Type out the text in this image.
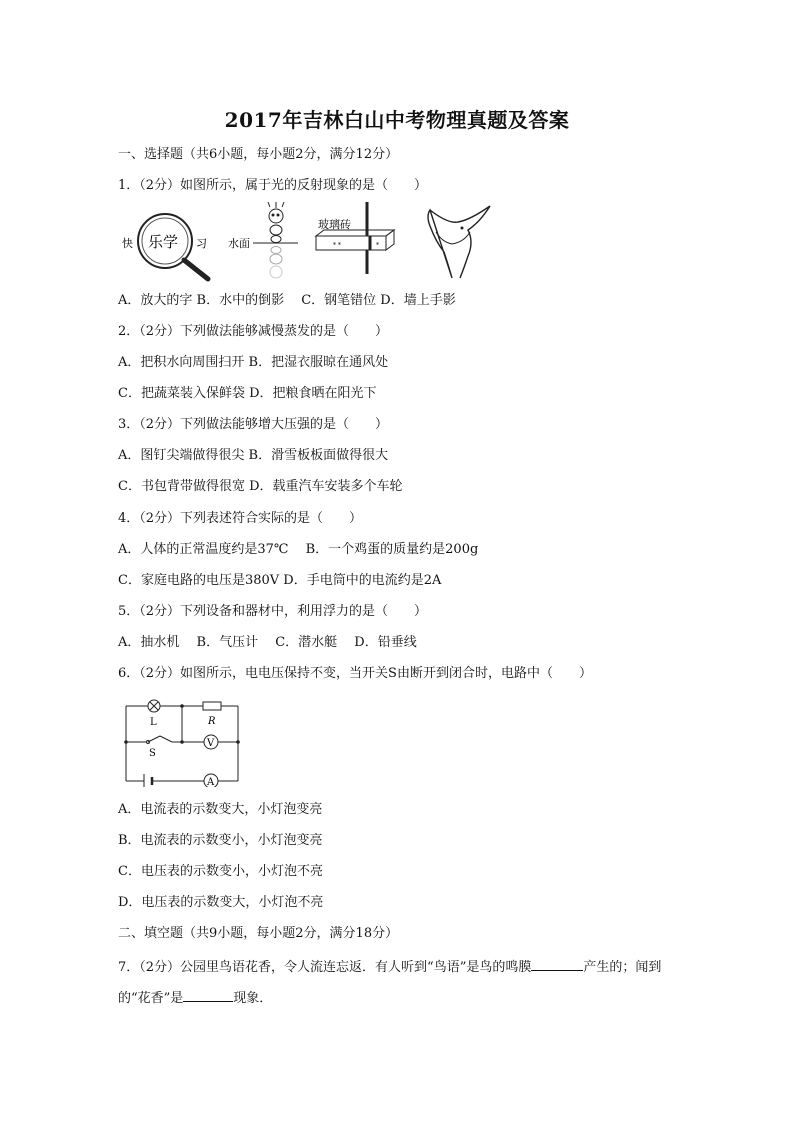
2017年吉林白山中考物理真题及答案
一、选择题（共6小题，每小题2分，满分12分）
1．（2分）如图所示，属于光的反射现象的是（　　）
快 乐学 习 水面
玻璃砖
* *	*
A．放大的字 B．水中的倒影　 C．钢笔错位 D．墙上手影
2．（2分）下列做法能够减慢蒸发的是（　　）
A．把积水向周围扫开 B．把湿衣服晾在通风处
C．把蔬菜装入保鲜袋 D．把粮食晒在阳光下
3．（2分）下列做法能够增大压强的是（　　）
A．图钉尖端做得很尖 B．滑雪板板面做得很大
C．书包背带做得很宽 D．载重汽车安装多个车轮
4．（2分）下列表述符合实际的是（　　）
A．人体的正常温度约是37℃　 B．一个鸡蛋的质量约是200g
C．家庭电路的电压是380V D．手电筒中的电流约是2A
5．（2分）下列设备和器材中，利用浮力的是（　　）
A．抽水机　 B．气压计　 C．潜水艇　 D．铅垂线
6．（2分）如图所示，电电压保持不变，当开关S由断开到闭合时，电路中（　　）
L	R
S
V
A
A．电流表的示数变大，小灯泡变亮
B．电流表的示数变小，小灯泡变亮
C．电压表的示数变小，小灯泡不亮
D．电压表的示数变大，小灯泡不亮
二、填空题（共9小题，每小题2分，满分18分）
7．（2分）公园里鸟语花香，令人流连忘返．有人听到“鸟语”是鸟的鸣膜	产生的；闻到
的“花香”是	现象．
